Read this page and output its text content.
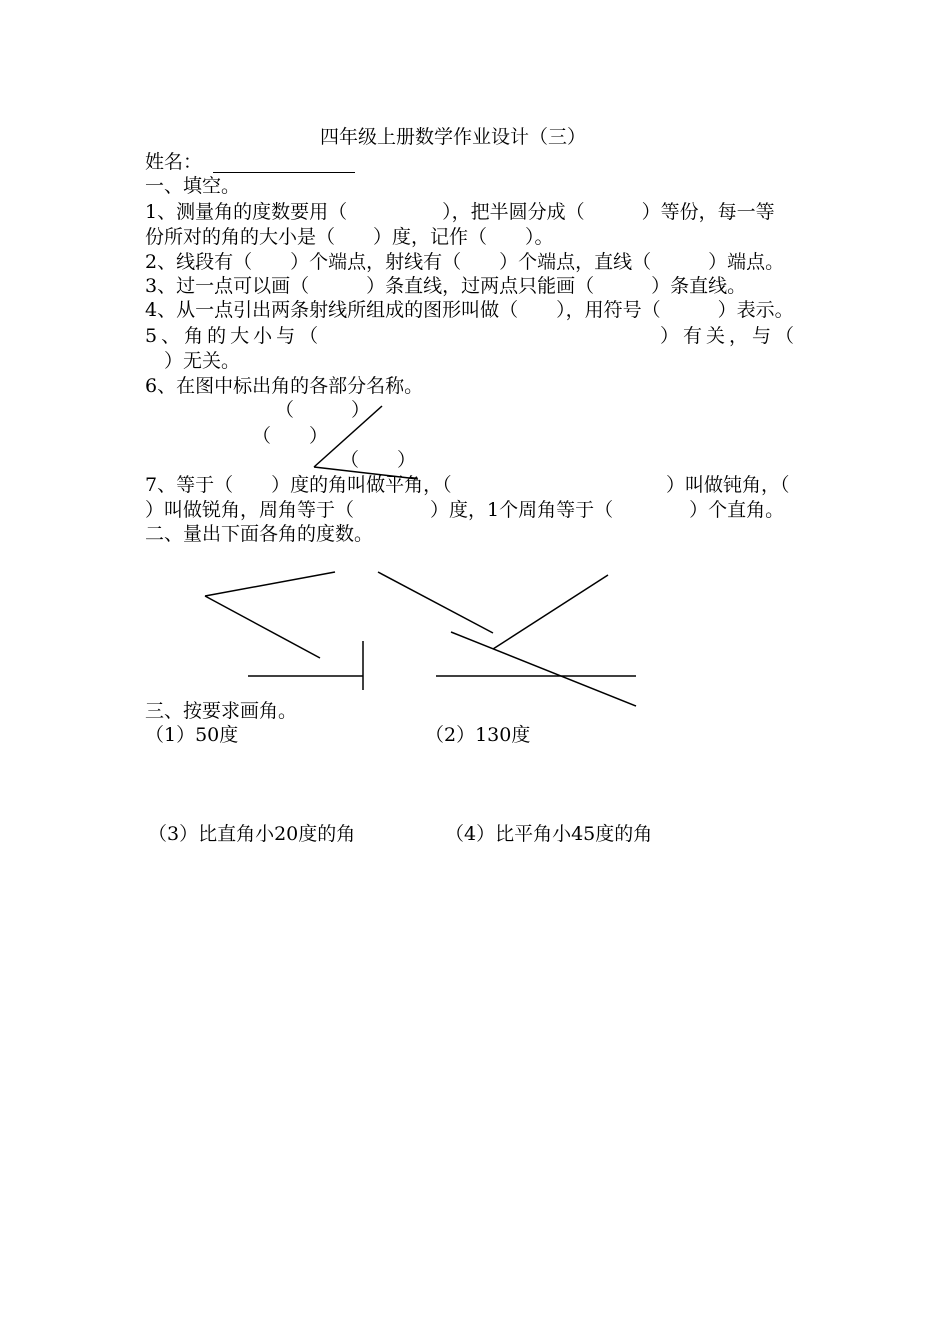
四年级上册数学作业设计（三）
姓名：
一、填空。
1、测量角的度数要用（　　　　　），把半圆分成（　　　）等份，每一等
份所对的角的大小是（　　）度，记作（　　）。
2、线段有（　　）个端点，射线有（　　）个端点，直线（　　　）端点。
3、过一点可以画（　　　）条直线，过两点只能画（　　　）条直线。
4、从一点引出两条射线所组成的图形叫做（　　），用符号（　　　）表示。
5、角的大小与（	）有关，与（
　）无关。
6、在图中标出角的各部分名称。
（　　　）
（　　）
（　　）
7、等于（　　）度的角叫做平角，（	）叫做钝角，（
）叫做锐角，周角等于（　　　　）度，1个周角等于（　　　　）个直角。
二、量出下面各角的度数。
三、按要求画角。
（1）50度	（2）130度
（3）比直角小20度的角	（4）比平角小45度的角
